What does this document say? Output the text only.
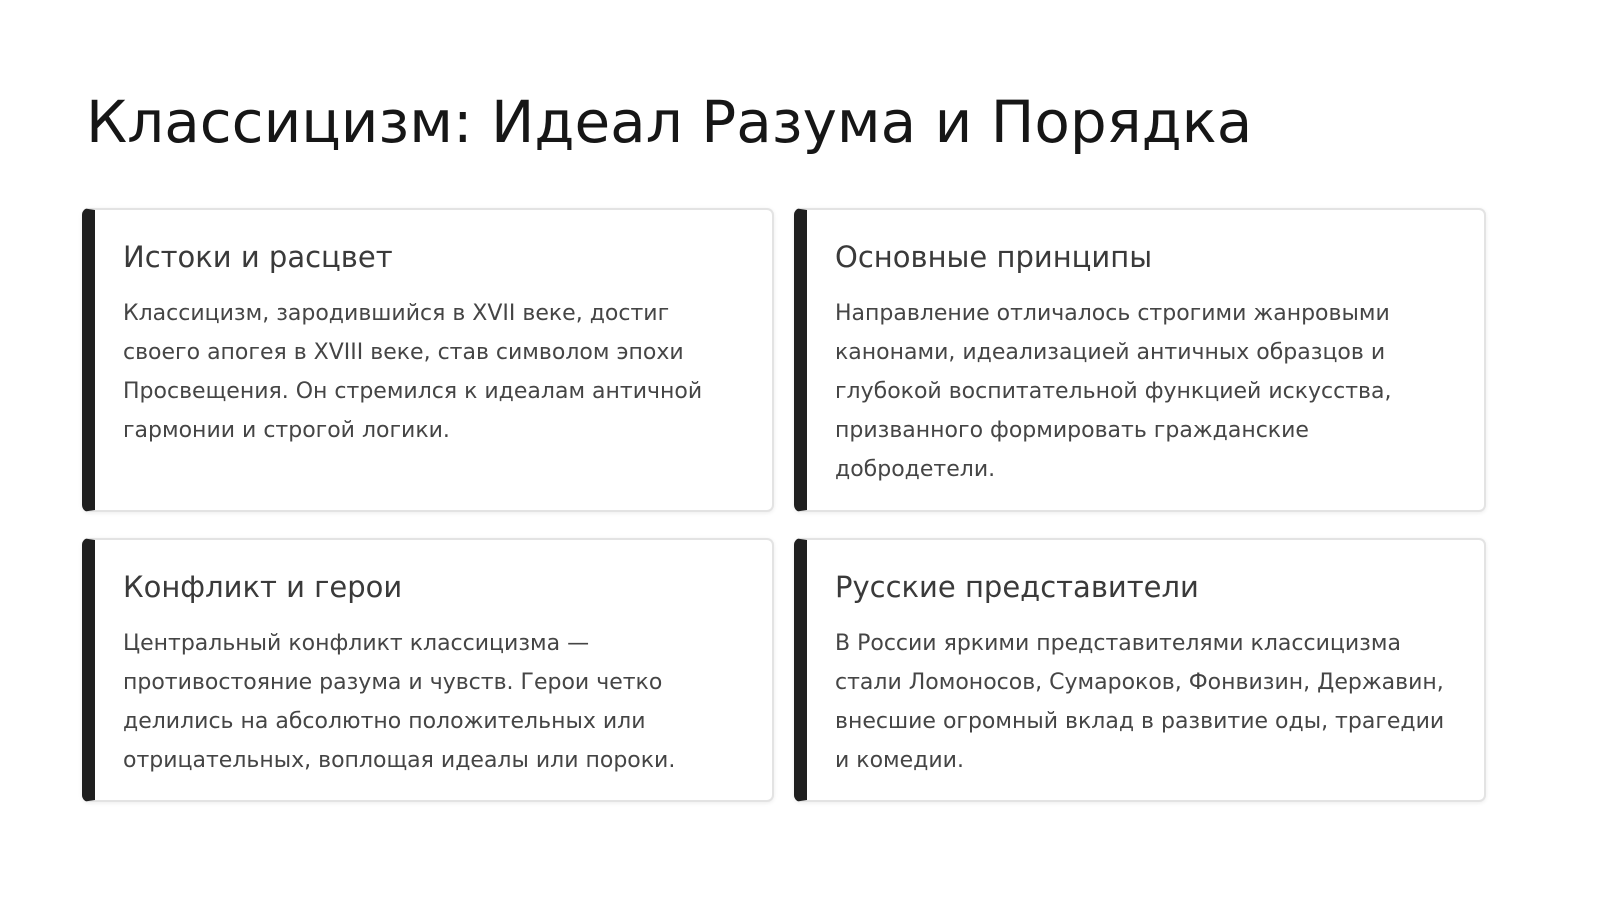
Классицизм: Идеал Разума и Порядка
Истоки и расцвет

Классицизм, зародившийся в XVII веке, достиг своего апогея в XVIII веке, став символом эпохи Просвещения. Он стремился к идеалам античной гармонии и строгой логики.

Основные принципы

Направление отличалось строгими жанровыми канонами, идеализацией античных образцов и глубокой воспитательной функцией искусства, призванного формировать гражданские добродетели.

Конфликт и герои

Центральный конфликт классицизма — противостояние разума и чувств. Герои четко делились на абсолютно положительных или отрицательных, воплощая идеалы или пороки.

Русские представители

В России яркими представителями классицизма стали Ломоносов, Сумароков, Фонвизин, Державин, внесшие огромный вклад в развитие оды, трагедии и комедии.
